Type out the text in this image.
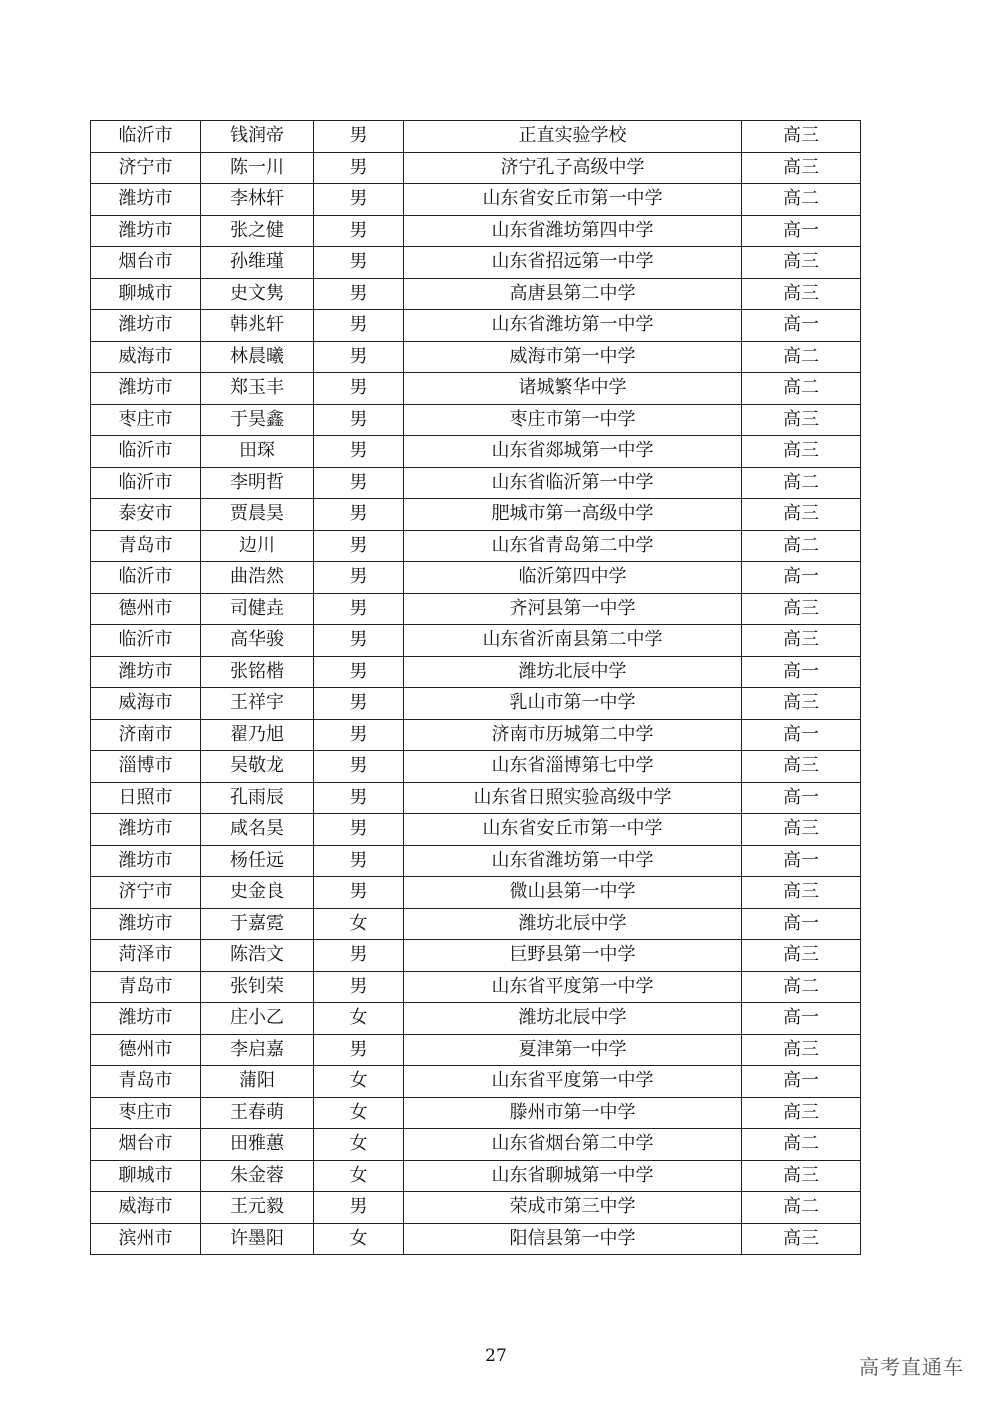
临沂市	钱润帝	男	正直实验学校	高三
济宁市	陈一川	男	济宁孔子高级中学	高三
潍坊市	李林轩	男	山东省安丘市第一中学	高二
潍坊市	张之健	男	山东省潍坊第四中学	高一
烟台市	孙维瑾	男	山东省招远第一中学	高三
聊城市	史文隽	男	高唐县第二中学	高三
潍坊市	韩兆轩	男	山东省潍坊第一中学	高一
威海市	林晨曦	男	威海市第一中学	高二
潍坊市	郑玉丰	男	诸城繁华中学	高二
枣庄市	于昊鑫	男	枣庄市第一中学	高三
临沂市	田琛	男	山东省郯城第一中学	高三
临沂市	李明哲	男	山东省临沂第一中学	高二
泰安市	贾晨昊	男	肥城市第一高级中学	高三
青岛市	边川	男	山东省青岛第二中学	高二
临沂市	曲浩然	男	临沂第四中学	高一
德州市	司健垚	男	齐河县第一中学	高三
临沂市	高华骏	男	山东省沂南县第二中学	高三
潍坊市	张铭楷	男	潍坊北辰中学	高一
威海市	王祥宇	男	乳山市第一中学	高三
济南市	翟乃旭	男	济南市历城第二中学	高一
淄博市	吴敬龙	男	山东省淄博第七中学	高三
日照市	孔雨辰	男	山东省日照实验高级中学	高一
潍坊市	咸名昊	男	山东省安丘市第一中学	高三
潍坊市	杨任远	男	山东省潍坊第一中学	高一
济宁市	史金良	男	微山县第一中学	高三
潍坊市	于嘉霓	女	潍坊北辰中学	高一
菏泽市	陈浩文	男	巨野县第一中学	高三
青岛市	张钊荣	男	山东省平度第一中学	高二
潍坊市	庄小乙	女	潍坊北辰中学	高一
德州市	李启嘉	男	夏津第一中学	高三
青岛市	蒲阳	女	山东省平度第一中学	高一
枣庄市	王春萌	女	滕州市第一中学	高三
烟台市	田雅蕙	女	山东省烟台第二中学	高二
聊城市	朱金蓉	女	山东省聊城第一中学	高三
威海市	王元毅	男	荣成市第三中学	高二
滨州市	许墨阳	女	阳信县第一中学	高三
27	高考直通车
